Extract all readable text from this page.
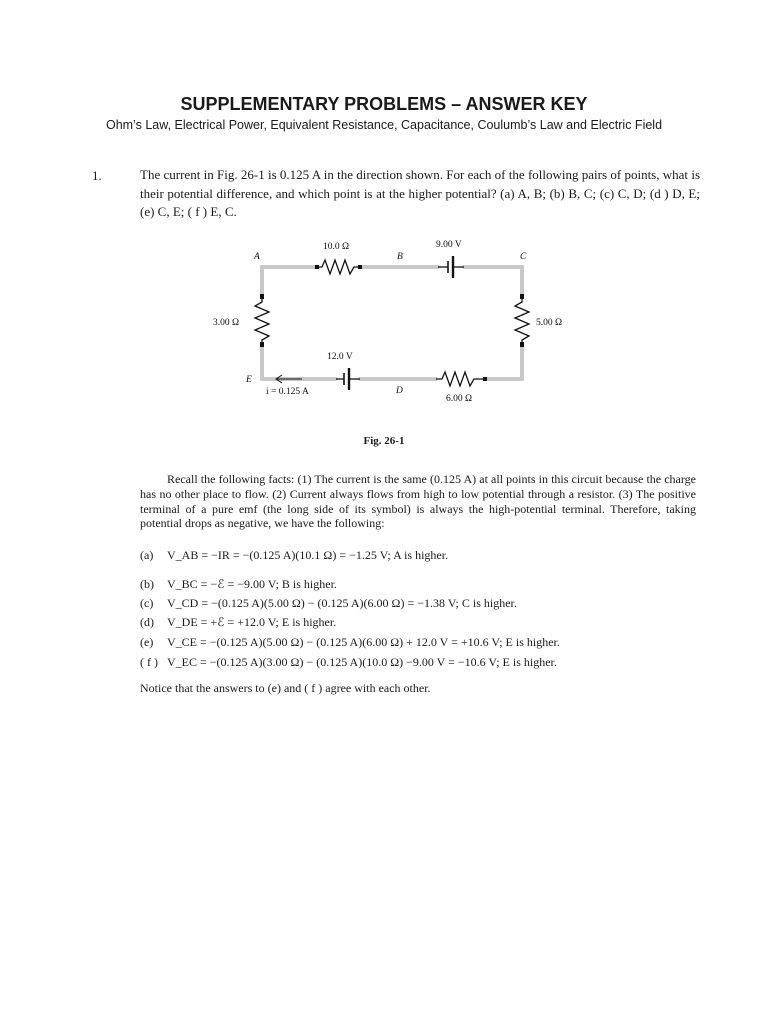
SUPPLEMENTARY PROBLEMS – ANSWER KEY
Ohm’s Law, Electrical Power, Equivalent Resistance, Capacitance, Coulumb’s Law and Electric Field
1.	The current in Fig. 26-1 is 0.125 A in the direction shown. For each of the following pairs of points, what is their potential difference, and which point is at the higher potential? (a) A, B; (b) B, C; (c) C, D; (d ) D, E; (e) C, E; ( f ) E, C.
A	B	C
D
E
10.0 Ω	9.00 V
3.00 Ω	5.00 Ω
12.0 V
6.00 Ω
i = 0.125 A
Fig. 26-1
Recall the following facts: (1) The current is the same (0.125 A) at all points in this circuit because the charge has no other place to flow. (2) Current always flows from high to low potential through a resistor. (3) The positive terminal of a pure emf (the long side of its symbol) is always the high-potential terminal. Therefore, taking potential drops as negative, we have the following:
(a) V_AB = −IR = −(0.125 A)(10.1 Ω) = −1.25 V; A is higher.
(b) V_BC = −ℰ = −9.00 V; B is higher.
(c) V_CD = −(0.125 A)(5.00 Ω) − (0.125 A)(6.00 Ω) = −1.38 V; C is higher.
(d) V_DE = +ℰ = +12.0 V; E is higher.
(e) V_CE = −(0.125 A)(5.00 Ω) − (0.125 A)(6.00 Ω) + 12.0 V = +10.6 V; E is higher.
( f ) V_EC = −(0.125 A)(3.00 Ω) − (0.125 A)(10.0 Ω) −9.00 V = −10.6 V; E is higher.
Notice that the answers to (e) and ( f ) agree with each other.
